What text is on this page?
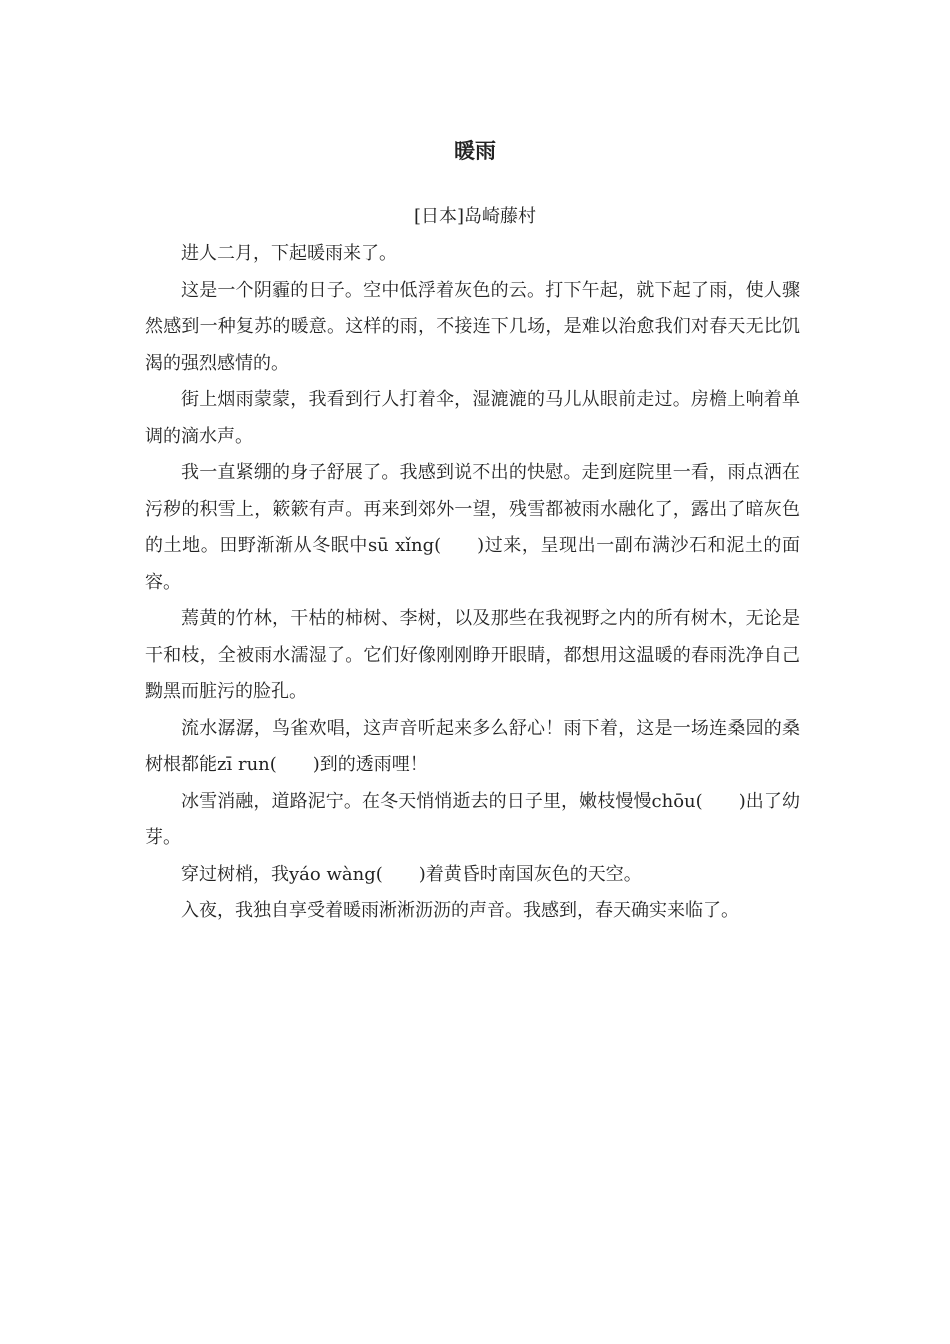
暖雨
[日本]岛崎藤村

进人二月，下起暖雨来了。

这是一个阴霾的日子。空中低浮着灰色的云。打下午起，就下起了雨，使人骤然感到一种复苏的暖意。这样的雨，不接连下几场，是难以治愈我们对春天无比饥渴的强烈感情的。

街上烟雨蒙蒙，我看到行人打着伞，湿漉漉的马儿从眼前走过。房檐上响着单调的滴水声。

我一直紧绷的身子舒展了。我感到说不出的快慰。走到庭院里一看，雨点洒在污秽的积雪上，簌簌有声。再来到郊外一望，残雪都被雨水融化了，露出了暗灰色的土地。田野渐渐从冬眠中sū xǐng( )过来，呈现出一副布满沙石和泥土的面容。

蔫黄的竹林，干枯的柿树、李树，以及那些在我视野之内的所有树木，无论是干和枝，全被雨水濡湿了。它们好像刚刚睁开眼睛，都想用这温暖的春雨洗净自己黝黑而脏污的脸孔。

流水潺潺，鸟雀欢唱，这声音听起来多么舒心！雨下着，这是一场连桑园的桑树根都能zī run( )到的透雨哩！

冰雪消融，道路泥宁。在冬天悄悄逝去的日子里，嫩枝慢慢chōu( )出了幼芽。

穿过树梢，我yáo wàng( )着黄昏时南国灰色的天空。

入夜，我独自享受着暖雨淅淅沥沥的声音。我感到，春天确实来临了。
